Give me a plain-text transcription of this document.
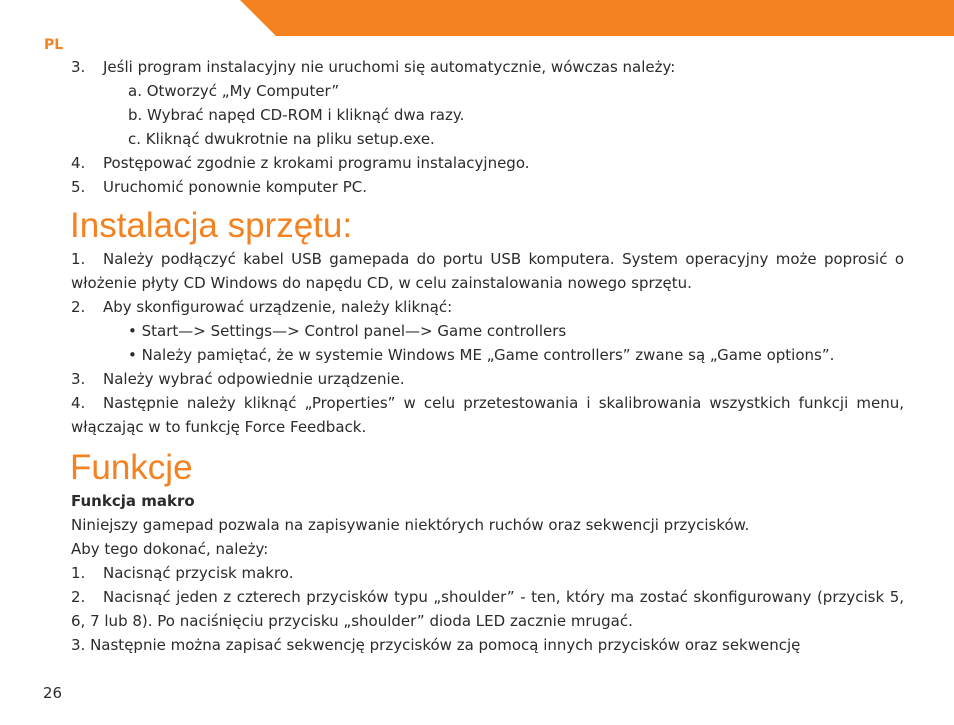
PL
3. Jeśli program instalacyjny nie uruchomi się automatycznie, wówczas należy:
a. Otworzyć „My Computer”
b. Wybrać napęd CD-ROM i kliknąć dwa razy.
c. Kliknąć dwukrotnie na pliku setup.exe.
4. Postępować zgodnie z krokami programu instalacyjnego.
5. Uruchomić ponownie komputer PC.
Instalacja sprzętu:
1. Należy podłączyć kabel USB gamepada do portu USB komputera. System operacyjny może poprosić o włożenie płyty CD Windows do napędu CD, w celu zainstalowania nowego sprzętu.
2. Aby skonfigurować urządzenie, należy kliknąć:
• Start—> Settings—> Control panel—> Game controllers
• Należy pamiętać, że w systemie Windows ME „Game controllers” zwane są „Game options”.
3. Należy wybrać odpowiednie urządzenie.
4. Następnie należy kliknąć „Properties” w celu przetestowania i skalibrowania wszystkich funkcji menu, włączając w to funkcję Force Feedback.
Funkcje
Funkcja makro
Niniejszy gamepad pozwala na zapisywanie niektórych ruchów oraz sekwencji przycisków.
Aby tego dokonać, należy:
1. Nacisnąć przycisk makro.
2. Nacisnąć jeden z czterech przycisków typu „shoulder” - ten, który ma zostać skonfigurowany (przycisk 5, 6, 7 lub 8). Po naciśnięciu przycisku „shoulder” dioda LED zacznie mrugać.
3. Następnie można zapisać sekwencję przycisków za pomocą innych przycisków oraz sekwencję
26
